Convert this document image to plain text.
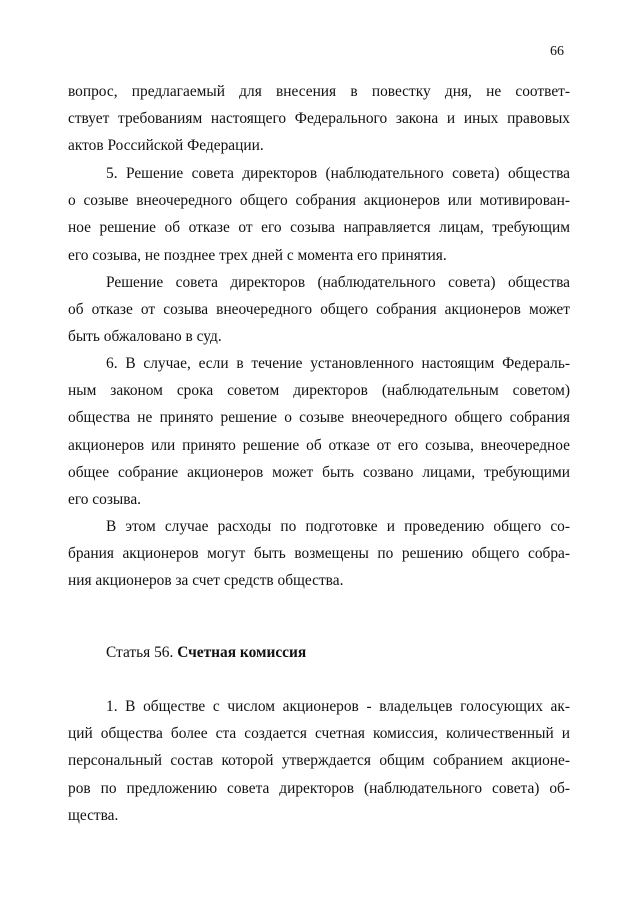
66
вопрос, предлагаемый для внесения в повестку дня, не соответ-
ствует требованиям настоящего Федерального закона и иных правовых
актов Российской Федерации.
5. Решение совета директоров (наблюдательного совета) общества
о созыве внеочередного общего собрания акционеров или мотивирован-
ное решение об отказе от его созыва направляется лицам, требующим
его созыва, не позднее трех дней с момента его принятия.
Решение совета директоров (наблюдательного совета) общества
об отказе от созыва внеочередного общего собрания акционеров может
быть обжаловано в суд.
6. В случае, если в течение установленного настоящим Федераль-
ным законом срока советом директоров (наблюдательным советом)
общества не принято решение о созыве внеочередного общего собрания
акционеров или принято решение об отказе от его созыва, внеочередное
общее собрание акционеров может быть созвано лицами, требующими
его созыва.
В этом случае расходы по подготовке и проведению общего со-
брания акционеров могут быть возмещены по решению общего собра-
ния акционеров за счет средств общества.
Статья 56. Счетная комиссия
1. В обществе с числом акционеров - владельцев голосующих ак-
ций общества более ста создается счетная комиссия, количественный и
персональный состав которой утверждается общим собранием акционе-
ров по предложению совета директоров (наблюдательного совета) об-
щества.
